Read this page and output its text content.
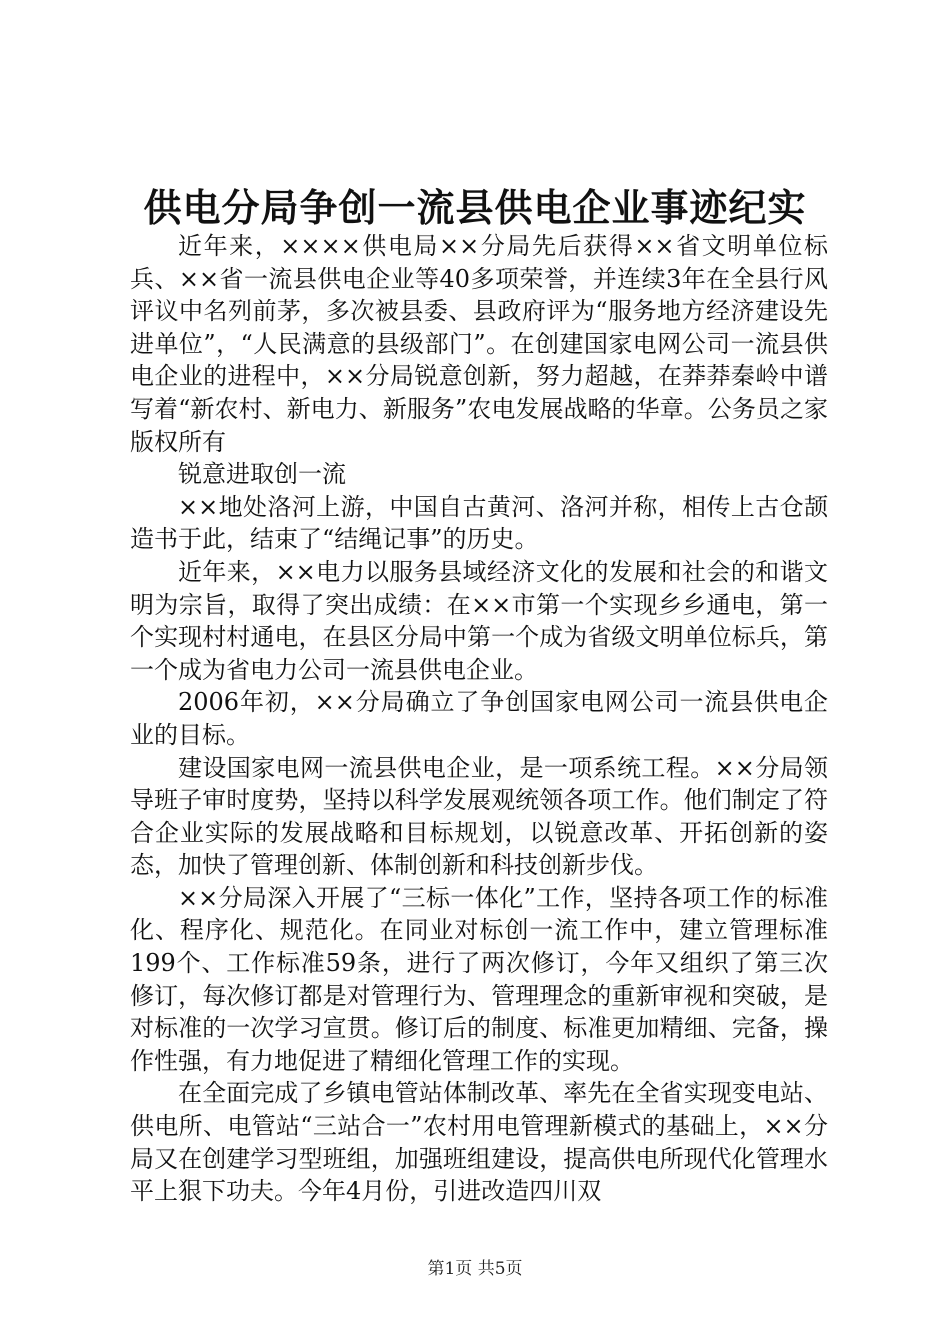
供电分局争创一流县供电企业事迹纪实

近年来，××××供电局××分局先后获得××省文明单位标兵、××省一流县供电企业等40多项荣誉，并连续3年在全县行风评议中名列前茅，多次被县委、县政府评为“服务地方经济建设先进单位”，“人民满意的县级部门”。在创建国家电网公司一流县供电企业的进程中，××分局锐意创新，努力超越，在莽莽秦岭中谱写着“新农村、新电力、新服务”农电发展战略的华章。公务员之家版权所有

锐意进取创一流

××地处洛河上游，中国自古黄河、洛河并称，相传上古仓颉造书于此，结束了“结绳记事”的历史。

近年来，××电力以服务县域经济文化的发展和社会的和谐文明为宗旨，取得了突出成绩：在××市第一个实现乡乡通电，第一个实现村村通电，在县区分局中第一个成为省级文明单位标兵，第一个成为省电力公司一流县供电企业。

2006年初，××分局确立了争创国家电网公司一流县供电企业的目标。

建设国家电网一流县供电企业，是一项系统工程。××分局领导班子审时度势，坚持以科学发展观统领各项工作。他们制定了符合企业实际的发展战略和目标规划，以锐意改革、开拓创新的姿态，加快了管理创新、体制创新和科技创新步伐。

××分局深入开展了“三标一体化”工作，坚持各项工作的标准化、程序化、规范化。在同业对标创一流工作中，建立管理标准199个、工作标准59条，进行了两次修订，今年又组织了第三次修订，每次修订都是对管理行为、管理理念的重新审视和突破，是对标准的一次学习宣贯。修订后的制度、标准更加精细、完备，操作性强，有力地促进了精细化管理工作的实现。

在全面完成了乡镇电管站体制改革、率先在全省实现变电站、供电所、电管站“三站合一”农村用电管理新模式的基础上，××分局又在创建学习型班组，加强班组建设，提高供电所现代化管理水平上狠下功夫。今年4月份，引进改造四川双

第1页 共5页
